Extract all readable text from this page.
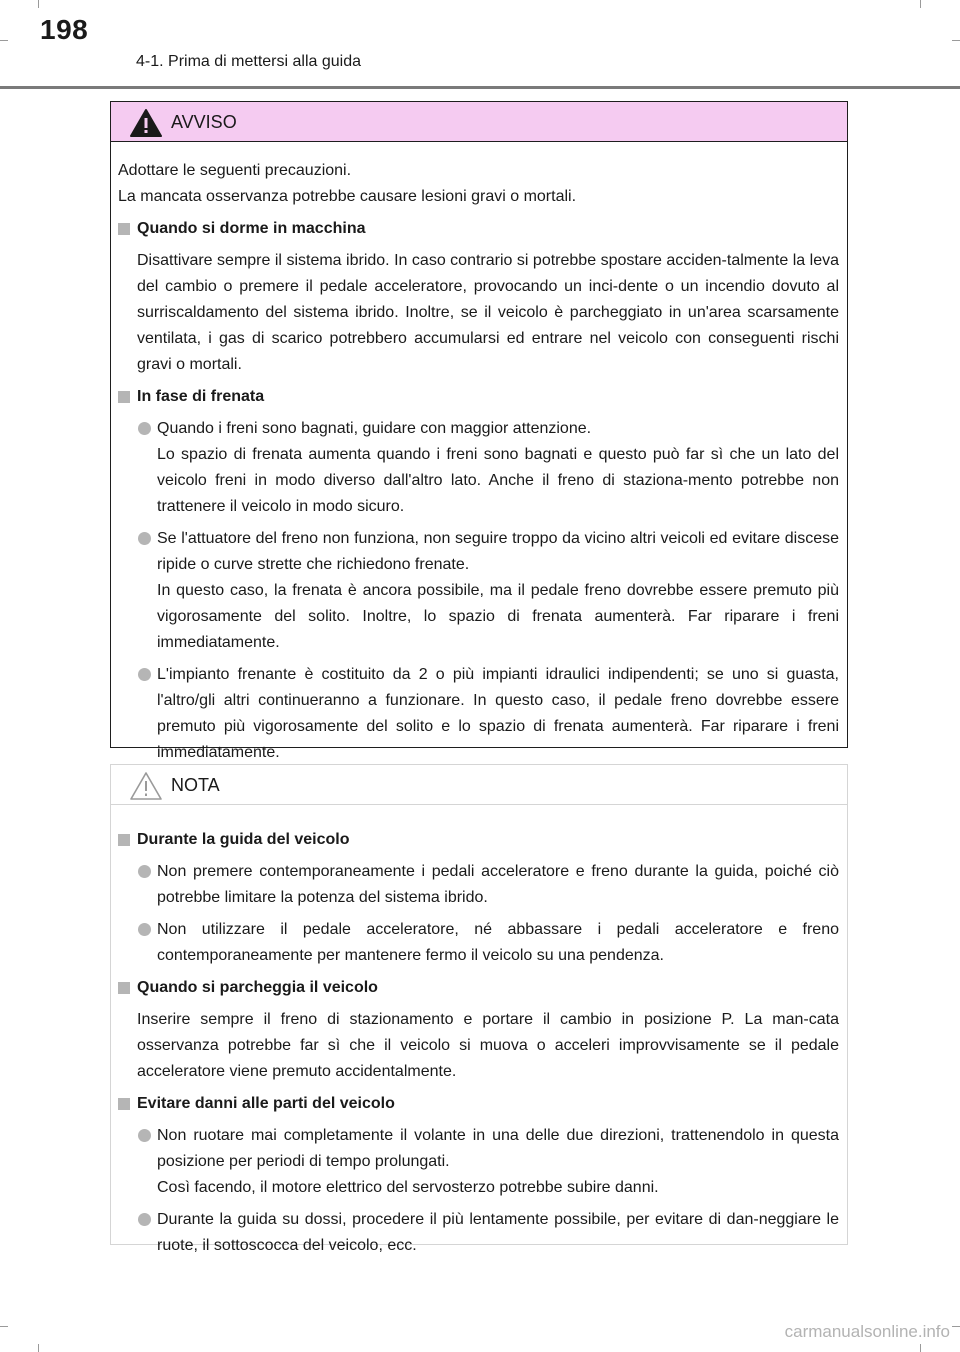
198
4-1. Prima di mettersi alla guida
AVVISO

Adottare le seguenti precauzioni.

La mancata osservanza potrebbe causare lesioni gravi o mortali.

Quando si dorme in macchina
Disattivare sempre il sistema ibrido. In caso contrario si potrebbe spostare acciden-talmente la leva del cambio o premere il pedale acceleratore, provocando un inci-dente o un incendio dovuto al surriscaldamento del sistema ibrido. Inoltre, se il veicolo è parcheggiato in un'area scarsamente ventilata, i gas di scarico potrebbero accumularsi ed entrare nel veicolo con conseguenti rischi gravi o mortali.
In fase di frenata

Quando i freni sono bagnati, guidare con maggior attenzione.

Lo spazio di frenata aumenta quando i freni sono bagnati e questo può far sì che un lato del veicolo freni in modo diverso dall'altro lato. Anche il freno di staziona-mento potrebbe non trattenere il veicolo in modo sicuro.

Se l'attuatore del freno non funziona, non seguire troppo da vicino altri veicoli ed evitare discese ripide o curve strette che richiedono frenate.

In questo caso, la frenata è ancora possibile, ma il pedale freno dovrebbe essere premuto più vigorosamente del solito. Inoltre, lo spazio di frenata aumenterà. Far riparare i freni immediatamente.

L'impianto frenante è costituito da 2 o più impianti idraulici indipendenti; se uno si guasta, l'altro/gli altri continueranno a funzionare. In questo caso, il pedale freno dovrebbe essere premuto più vigorosamente del solito e lo spazio di frenata aumenterà. Far riparare i freni immediatamente.

NOTA
Durante la guida del veicolo

Non premere contemporaneamente i pedali acceleratore e freno durante la guida, poiché ciò potrebbe limitare la potenza del sistema ibrido.

Non utilizzare il pedale acceleratore, né abbassare i pedali acceleratore e freno contemporaneamente per mantenere fermo il veicolo su una pendenza.

Quando si parcheggia il veicolo
Inserire sempre il freno di stazionamento e portare il cambio in posizione P. La man-cata osservanza potrebbe far sì che il veicolo si muova o acceleri improvvisamente se il pedale acceleratore viene premuto accidentalmente.
Evitare danni alle parti del veicolo

Non ruotare mai completamente il volante in una delle due direzioni, trattenendolo in questa posizione per periodi di tempo prolungati.

Così facendo, il motore elettrico del servosterzo potrebbe subire danni.

Durante la guida su dossi, procedere il più lentamente possibile, per evitare di dan-neggiare le ruote, il sottoscocca del veicolo, ecc.

carmanualsonline.info
